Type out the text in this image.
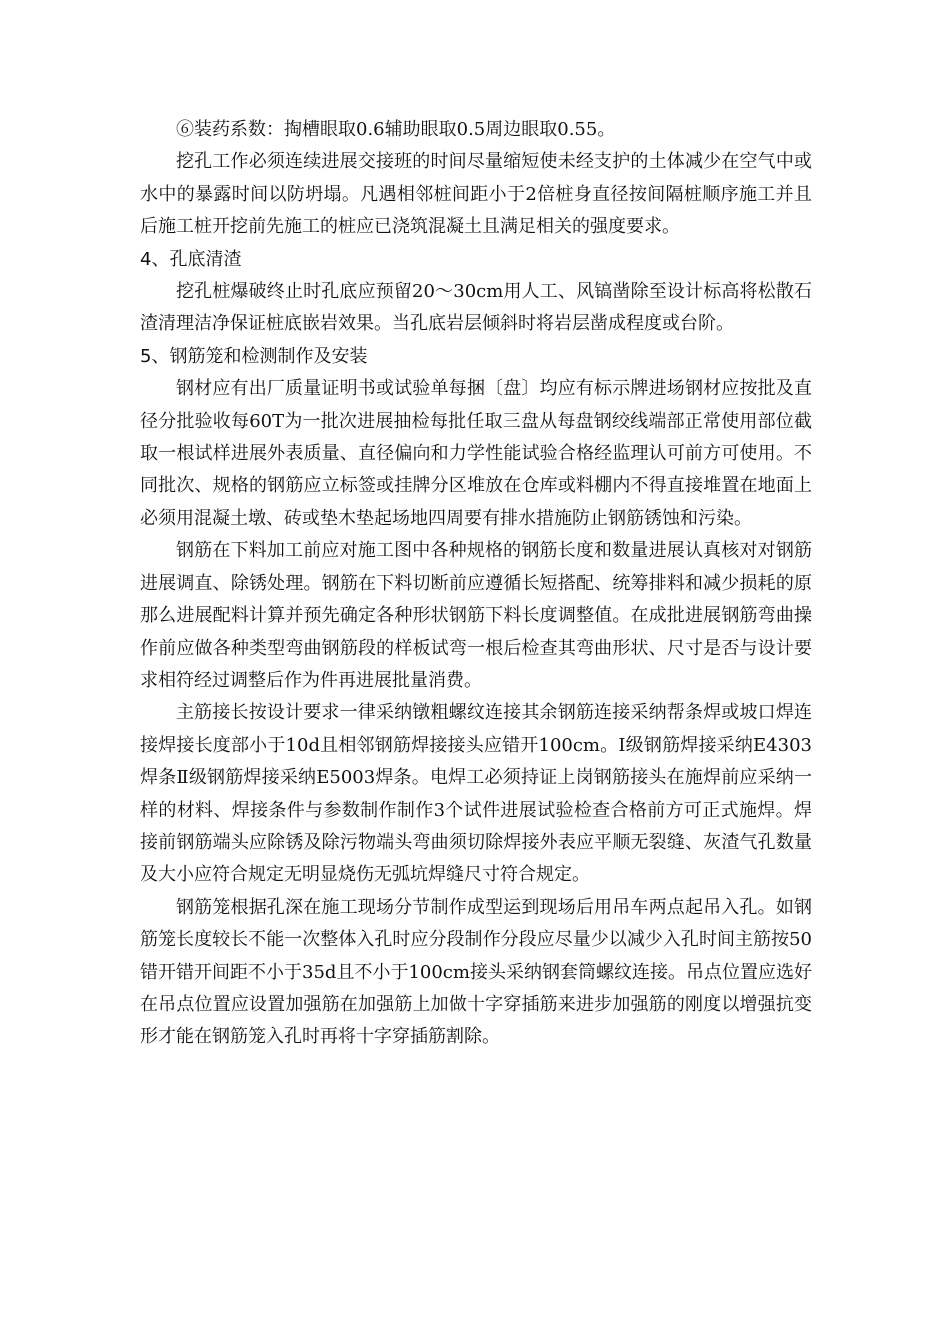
⑥装药系数：掏槽眼取0.6辅助眼取0.5周边眼取0.55。

挖孔工作必须连续进展交接班的时间尽量缩短使未经支护的土体减少在空气中或水中的暴露时间以防坍塌。凡遇相邻桩间距小于2倍桩身直径按间隔桩顺序施工并且后施工桩开挖前先施工的桩应已浇筑混凝土且满足相关的强度要求。

4、孔底清渣

挖孔桩爆破终止时孔底应预留20～30cm用人工、风镐凿除至设计标高将松散石渣清理洁净保证桩底嵌岩效果。当孔底岩层倾斜时将岩层凿成程度或台阶。

5、钢筋笼和检测制作及安装

钢材应有出厂质量证明书或试验单每捆〔盘〕均应有标示牌进场钢材应按批及直径分批验收每60T为一批次进展抽检每批任取三盘从每盘钢绞线端部正常使用部位截取一根试样进展外表质量、直径偏向和力学性能试验合格经监理认可前方可使用。不同批次、规格的钢筋应立标签或挂牌分区堆放在仓库或料棚内不得直接堆置在地面上必须用混凝土墩、砖或垫木垫起场地四周要有排水措施防止钢筋锈蚀和污染。

钢筋在下料加工前应对施工图中各种规格的钢筋长度和数量进展认真核对对钢筋进展调直、除锈处理。钢筋在下料切断前应遵循长短搭配、统筹排料和减少损耗的原那么进展配料计算并预先确定各种形状钢筋下料长度调整值。在成批进展钢筋弯曲操作前应做各种类型弯曲钢筋段的样板试弯一根后检查其弯曲形状、尺寸是否与设计要求相符经过调整后作为件再进展批量消费。

主筋接长按设计要求一律采纳镦粗螺纹连接其余钢筋连接采纳帮条焊或坡口焊连接焊接长度部小于10d且相邻钢筋焊接接头应错开100cm。Ⅰ级钢筋焊接采纳E4303焊条Ⅱ级钢筋焊接采纳E5003焊条。电焊工必须持证上岗钢筋接头在施焊前应采纳一样的材料、焊接条件与参数制作制作3个试件进展试验检查合格前方可正式施焊。焊接前钢筋端头应除锈及除污物端头弯曲须切除焊接外表应平顺无裂缝、灰渣气孔数量及大小应符合规定无明显烧伤无弧坑焊缝尺寸符合规定。

钢筋笼根据孔深在施工现场分节制作成型运到现场后用吊车两点起吊入孔。如钢筋笼长度较长不能一次整体入孔时应分段制作分段应尽量少以减少入孔时间主筋按50错开错开间距不小于35d且不小于100cm接头采纳钢套筒螺纹连接。吊点位置应选好在吊点位置应设置加强筋在加强筋上加做十字穿插筋来进步加强筋的刚度以增强抗变形才能在钢筋笼入孔时再将十字穿插筋割除。
